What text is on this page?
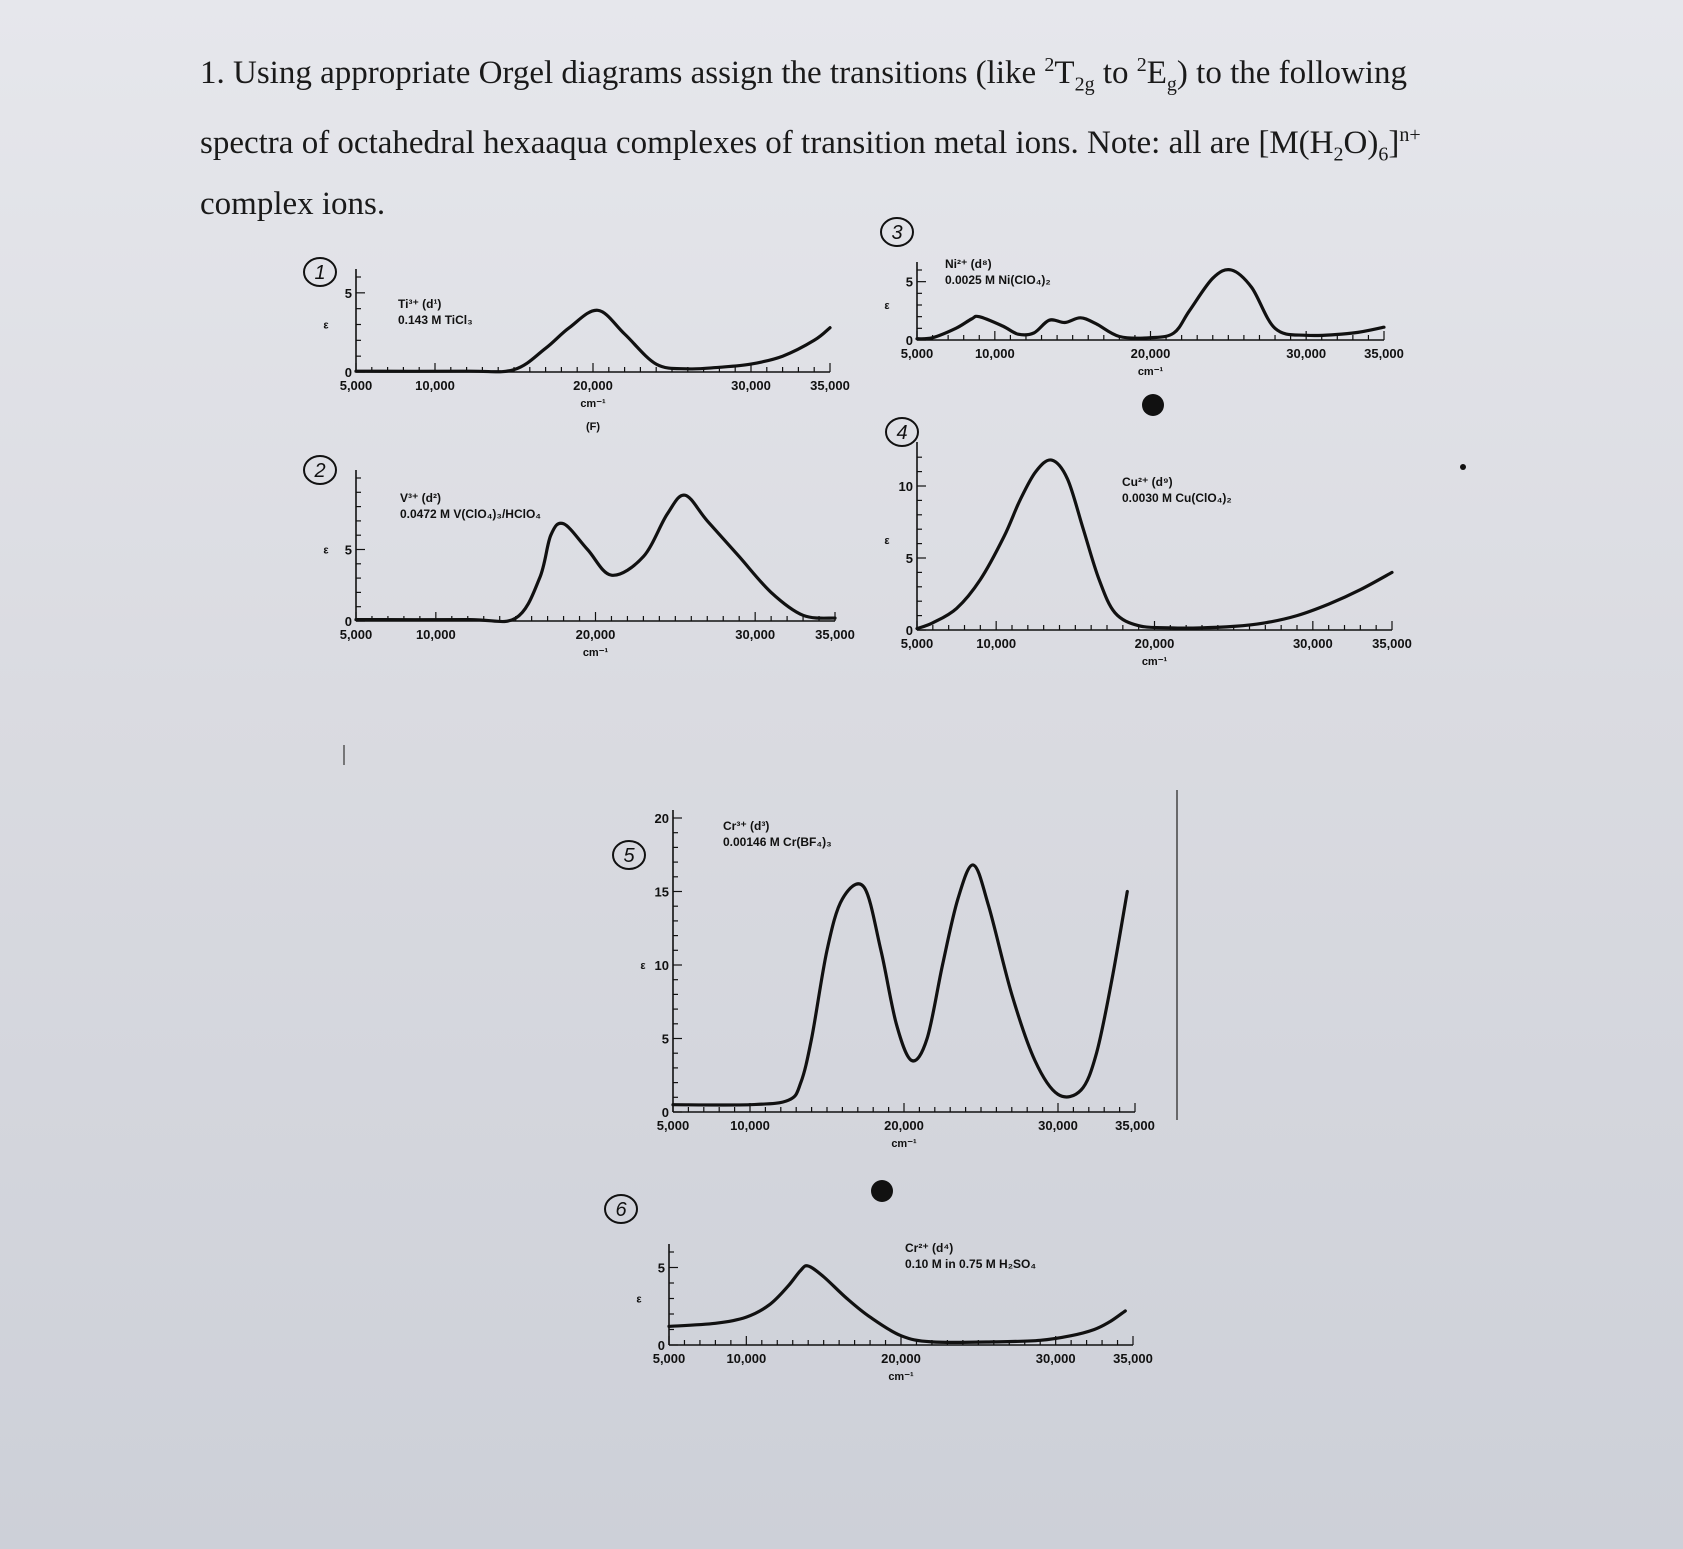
1. Using appropriate Orgel diagrams assign the transitions (like $^2T_{2g}$ to $^2E_g$) to the following
spectra of octahedral hexaaqua complexes of transition metal ions. Note: all are $[M(H_2O)_6]^{n+}$
complex ions.
1
0
5
ε
5,000	10,000	20,000	30,000	35,000
cm⁻¹
(F)
Ti³⁺ (d¹)
0.143 M TiCl₃
2
0
5
ε
5,000	10,000	20,000	30,000	35,000
cm⁻¹
V³⁺ (d²)
0.0472 M V(ClO₄)₃/HClO₄
3
0
5
ε
5,000	10,000	20,000	30,000	35,000
cm⁻¹
Ni²⁺ (d⁸)
0.0025 M Ni(ClO₄)₂
4
0
5
10
ε
5,000	10,000	20,000	30,000	35,000
cm⁻¹
Cu²⁺ (d⁹)
0.0030 M Cu(ClO₄)₂
5
0
5
10
15
20
ε
5,000	10,000	20,000	30,000	35,000
cm⁻¹
Cr³⁺ (d³)
0.00146 M Cr(BF₄)₃
6
0
5
ε
5,000	10,000	20,000	30,000	35,000
cm⁻¹
Cr²⁺ (d⁴)
0.10 M in 0.75 M H₂SO₄
